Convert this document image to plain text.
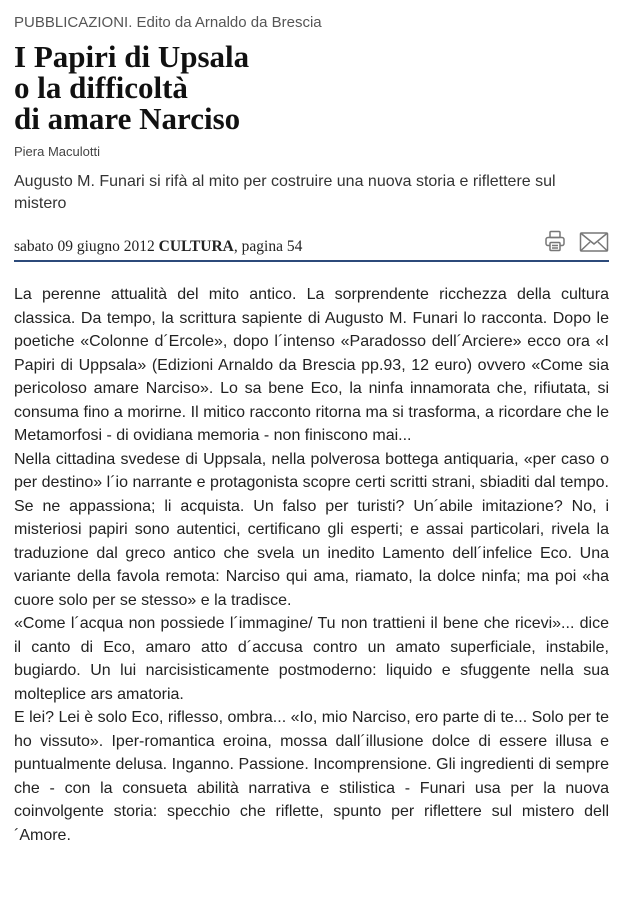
PUBBLICAZIONI. Edito da Arnaldo da Brescia

I Papiri di Upsala
o la difficoltà
di amare Narciso
Piera Maculotti
Augusto M. Funari si rifà al mito per costruire una nuova storia e riflettere sul mistero
sabato 09 giugno 2012 CULTURA, pagina 54

La perenne attualità del mito antico. La sorprendente ricchezza della cultura classica. Da tempo, la scrittura sapiente di Augusto M. Funari lo racconta. Dopo le poetiche «Colonne d´Ercole», dopo l´intenso «Paradosso dell´Arciere» ecco ora «I Papiri di Uppsala» (Edizioni Arnaldo da Brescia pp.93, 12 euro) ovvero «Come sia pericoloso amare Narciso». Lo sa bene Eco, la ninfa innamorata che, rifiutata, si consuma fino a morirne. Il mitico racconto ritorna ma si trasforma, a ricordare che le Metamorfosi - di ovidiana memoria - non finiscono mai...

Nella cittadina svedese di Uppsala, nella polverosa bottega antiquaria, «per caso o per destino» l´io narrante e protagonista scopre certi scritti strani, sbiaditi dal tempo. Se ne appassiona; li acquista. Un falso per turisti? Un´abile imitazione? No, i misteriosi papiri sono autentici, certificano gli esperti; e assai particolari, rivela la traduzione dal greco antico che svela un inedito Lamento dell´infelice Eco. Una variante della favola remota: Narciso qui ama, riamato, la dolce ninfa; ma poi «ha cuore solo per se stesso» e la tradisce.

«Come l´acqua non possiede l´immagine/ Tu non trattieni il bene che ricevi»... dice il canto di Eco, amaro atto d´accusa contro un amato superficiale, instabile, bugiardo. Un lui narcisisticamente postmoderno: liquido e sfuggente nella sua molteplice ars amatoria.

E lei? Lei è solo Eco, riflesso, ombra... «Io, mio Narciso, ero parte di te... Solo per te ho vissuto». Iper-romantica eroina, mossa dall´illusione dolce di essere illusa e puntualmente delusa. Inganno. Passione. Incomprensione. Gli ingredienti di sempre che - con la consueta abilità narrativa e stilistica - Funari usa per la nuova coinvolgente storia: specchio che riflette, spunto per riflettere sul mistero dell´Amore.
